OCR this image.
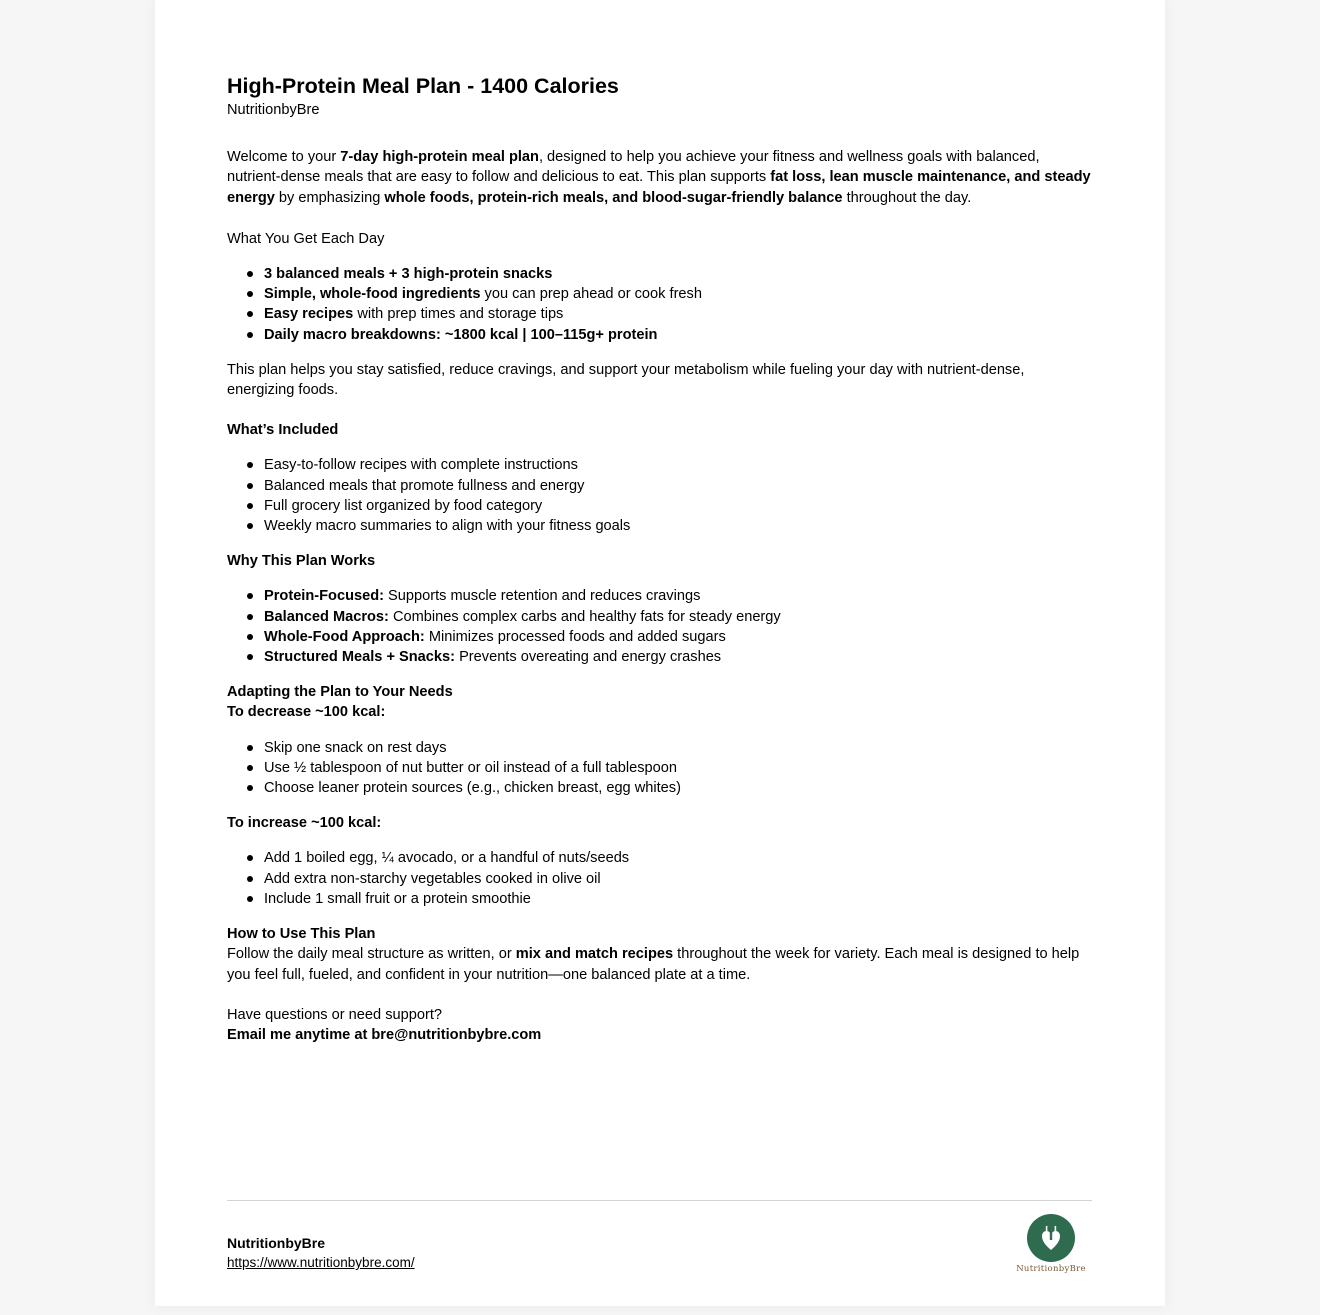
High-Protein Meal Plan - 1400 Calories

NutritionbyBre

Welcome to your 7-day high-protein meal plan, designed to help you achieve your fitness and wellness goals with balanced, nutrient-dense meals that are easy to follow and delicious to eat. This plan supports fat loss, lean muscle maintenance, and steady energy by emphasizing whole foods, protein-rich meals, and blood-sugar-friendly balance throughout the day.

What You Get Each Day

3 balanced meals + 3 high-protein snacks
Simple, whole-food ingredients you can prep ahead or cook fresh
Easy recipes with prep times and storage tips
Daily macro breakdowns: ~1800 kcal | 100–115g+ protein

This plan helps you stay satisfied, reduce cravings, and support your metabolism while fueling your day with nutrient-dense, energizing foods.

What’s Included

Easy-to-follow recipes with complete instructions
Balanced meals that promote fullness and energy
Full grocery list organized by food category
Weekly macro summaries to align with your fitness goals

Why This Plan Works

Protein-Focused: Supports muscle retention and reduces cravings
Balanced Macros: Combines complex carbs and healthy fats for steady energy
Whole-Food Approach: Minimizes processed foods and added sugars
Structured Meals + Snacks: Prevents overeating and energy crashes

Adapting the Plan to Your Needs

To decrease ~100 kcal:

Skip one snack on rest days
Use ½ tablespoon of nut butter or oil instead of a full tablespoon
Choose leaner protein sources (e.g., chicken breast, egg whites)

To increase ~100 kcal:

Add 1 boiled egg, ¼ avocado, or a handful of nuts/seeds
Add extra non-starchy vegetables cooked in olive oil
Include 1 small fruit or a protein smoothie

How to Use This Plan

Follow the daily meal structure as written, or mix and match recipes throughout the week for variety. Each meal is designed to help you feel full, fueled, and confident in your nutrition—one balanced plate at a time.

Have questions or need support?

Email me anytime at bre@nutritionbybre.com

NutritionbyBre
https://www.nutritionbybre.com/	NutritionbyBre
